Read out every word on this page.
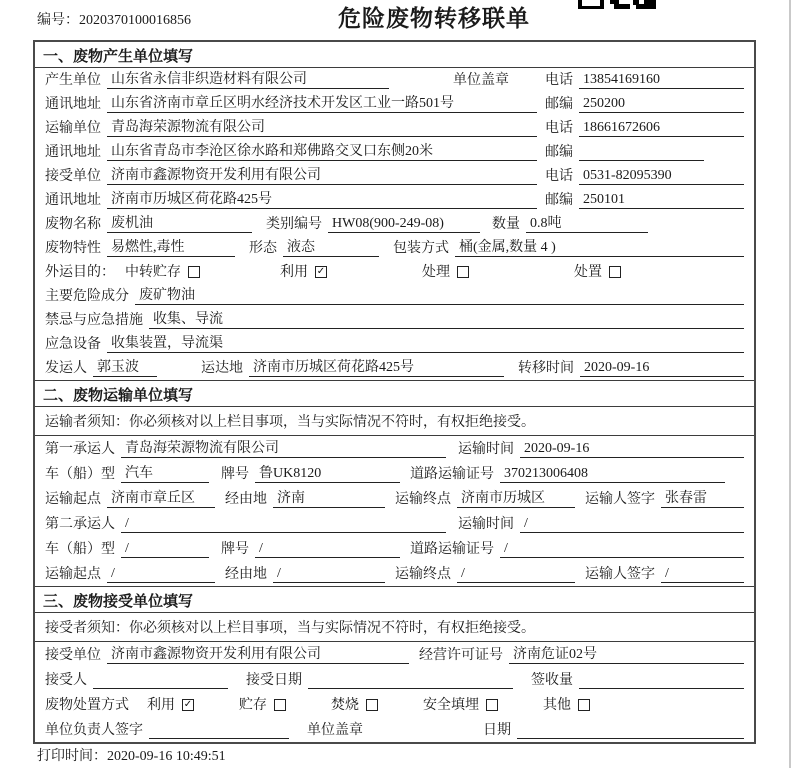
编号：2020370100016856	危险废物转移联单
一、废物产生单位填写
产生单位 山东省永信非织造材料有限公司	单位盖章	电话 13854169160
通讯地址 山东省济南市章丘区明水经济技术开发区工业一路501号	邮编 250200
运输单位 青岛海荣源物流有限公司	电话 18661672606
通讯地址 山东省青岛市李沧区徐水路和郑佛路交叉口东侧20米	邮编
接受单位 济南市鑫源物资开发利用有限公司	电话 0531-82095390
通讯地址 济南市历城区荷花路425号	邮编 250101
废物名称 废机油	类别编号 HW08(900-249-08)	数量 0.8吨
废物特性 易燃性,毒性	形态 液态	包装方式 桶(金属,数量 4 )
外运目的： 中转贮存	利用 ✓	处理	处置
主要危险成分 废矿物油
禁忌与应急措施 收集、导流
应急设备 收集装置，导流渠
发运人 郭玉波	运达地 济南市历城区荷花路425号	转移时间 2020-09-16
二、废物运输单位填写
运输者须知：你必须核对以上栏目事项，当与实际情况不符时，有权拒绝接受。
第一承运人 青岛海荣源物流有限公司	运输时间 2020-09-16
车（船）型 汽车	牌号 鲁UK8120	道路运输证号 370213006408
运输起点 济南市章丘区	经由地 济南	运输终点 济南市历城区	运输人签字 张春雷
第二承运人 /	运输时间 /
车（船）型 /	牌号 /	道路运输证号 /
运输起点 /	经由地 /	运输终点 /	运输人签字 /
三、废物接受单位填写
接受者须知：你必须核对以上栏目事项，当与实际情况不符时，有权拒绝接受。
接受单位 济南市鑫源物资开发利用有限公司	经营许可证号 济南危证02号
接受人	接受日期	签收量
废物处置方式 利用 ✓	贮存	焚烧	安全填埋	其他
单位负责人签字	单位盖章	日期
打印时间：2020-09-16 10:49:51
